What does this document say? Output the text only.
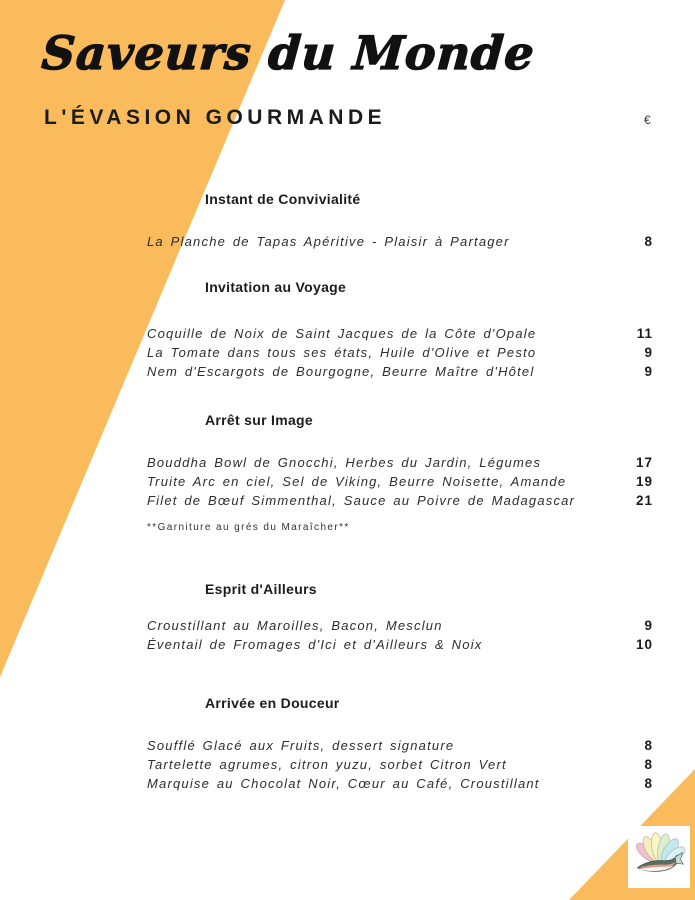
Saveurs du Monde
L'ÉVASION GOURMANDE	€
Instant de Convivialité
La Planche de Tapas Apéritive - Plaisir à Partager	8
Invitation au Voyage
Coquille de Noix de Saint Jacques de la Côte d'Opale	11
La Tomate dans tous ses états, Huile d'Olive et Pesto	9
Nem d'Escargots de Bourgogne, Beurre Maître d'Hôtel	9
Arrêt sur Image
Bouddha Bowl de Gnocchi, Herbes du Jardin, Légumes	17
Truite Arc en ciel, Sel de Viking, Beurre Noisette, Amande	19
Filet de Bœuf Simmenthal, Sauce au Poivre de Madagascar	21
**Garniture au grés du Maraîcher**
Esprit d'Ailleurs
Croustillant au Maroilles, Bacon, Mesclun	9
Éventail de Fromages d'Ici et d'Ailleurs & Noix	10
Arrivée en Douceur
Soufflé Glacé aux Fruits, dessert signature	8
Tartelette agrumes, citron yuzu, sorbet Citron Vert	8
Marquise au Chocolat Noir, Cœur au Café, Croustillant	8
